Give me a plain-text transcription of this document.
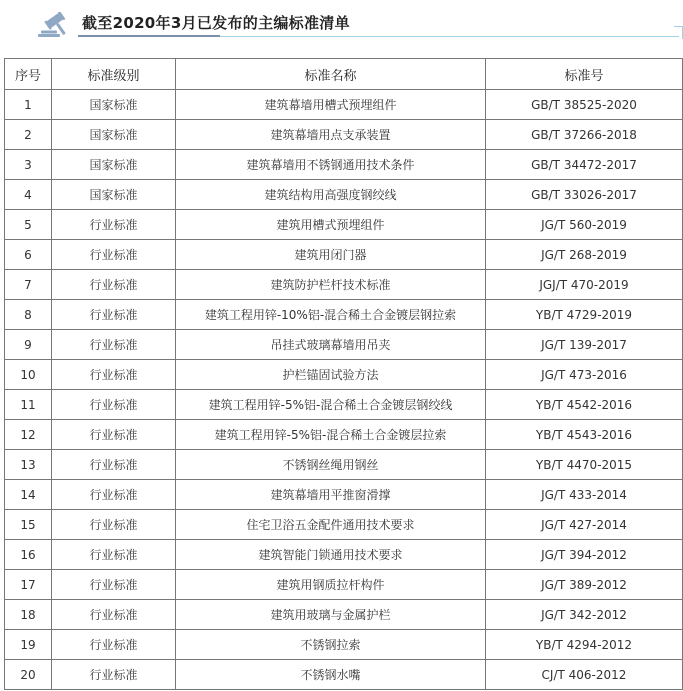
截至2020年3月已发布的主编标准清单
序号	标准级别	标准名称	标准号
1	国家标准	建筑幕墙用槽式预埋组件	GB/T 38525-2020
2	国家标准	建筑幕墙用点支承装置	GB/T 37266-2018
3	国家标准	建筑幕墙用不锈钢通用技术条件	GB/T 34472-2017
4	国家标准	建筑结构用高强度钢绞线	GB/T 33026-2017
5	行业标准	建筑用槽式预埋组件	JG/T 560-2019
6	行业标准	建筑用闭门器	JG/T 268-2019
7	行业标准	建筑防护栏杆技术标准	JGJ/T 470-2019
8	行业标准	建筑工程用锌-10%铝-混合稀土合金镀层钢拉索	YB/T 4729-2019
9	行业标准	吊挂式玻璃幕墙用吊夹	JG/T 139-2017
10	行业标准	护栏锚固试验方法	JG/T 473-2016
11	行业标准	建筑工程用锌-5%铝-混合稀土合金镀层钢绞线	YB/T 4542-2016
12	行业标准	建筑工程用锌-5%铝-混合稀土合金镀层拉索	YB/T 4543-2016
13	行业标准	不锈钢丝绳用钢丝	YB/T 4470-2015
14	行业标准	建筑幕墙用平推窗滑撑	JG/T 433-2014
15	行业标准	住宅卫浴五金配件通用技术要求	JG/T 427-2014
16	行业标准	建筑智能门锁通用技术要求	JG/T 394-2012
17	行业标准	建筑用钢质拉杆构件	JG/T 389-2012
18	行业标准	建筑用玻璃与金属护栏	JG/T 342-2012
19	行业标准	不锈钢拉索	YB/T 4294-2012
20	行业标准	不锈钢水嘴	CJ/T 406-2012
